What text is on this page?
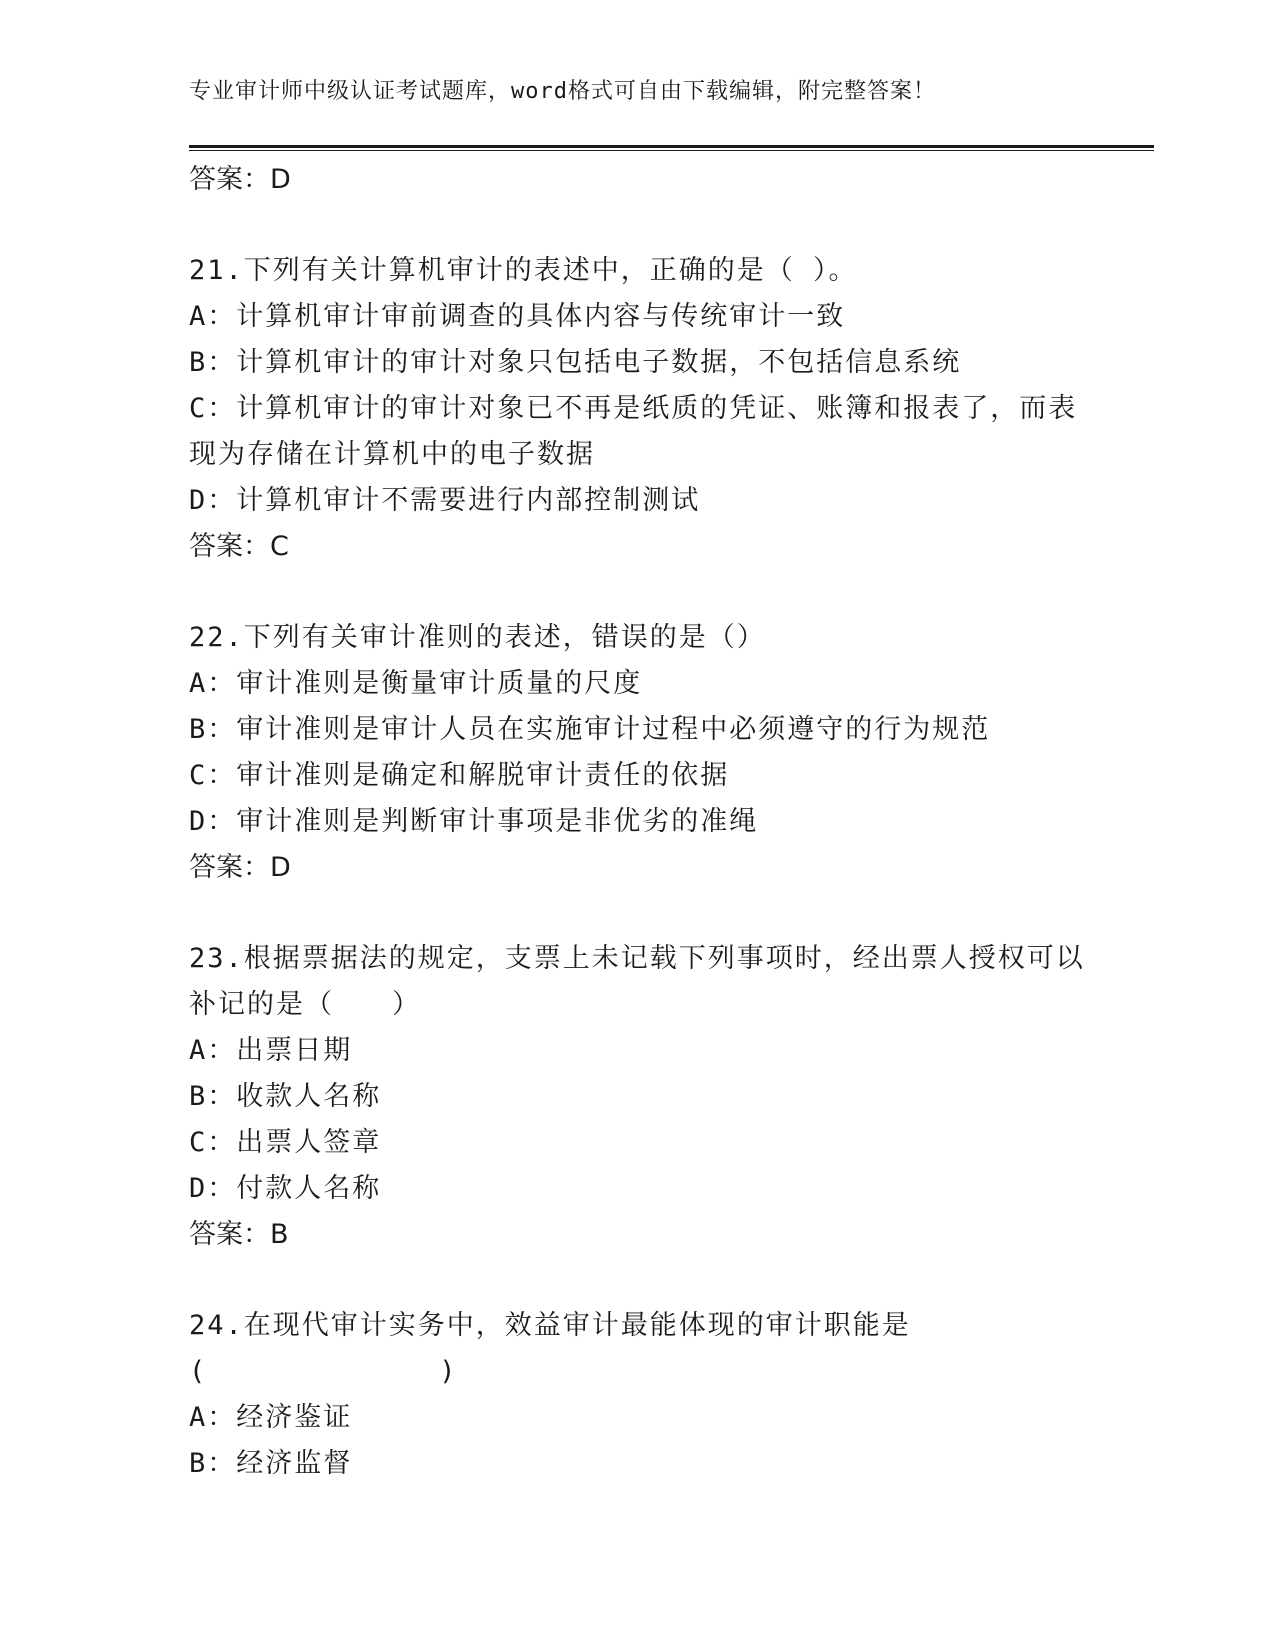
专业审计师中级认证考试题库，word格式可自由下载编辑，附完整答案！
答案：D
21.下列有关计算机审计的表述中，正确的是（ ）。
A：计算机审计审前调查的具体内容与传统审计一致
B：计算机审计的审计对象只包括电子数据，不包括信息系统
C：计算机审计的审计对象已不再是纸质的凭证、账簿和报表了，而表
现为存储在计算机中的电子数据
D：计算机审计不需要进行内部控制测试
答案：C
22.下列有关审计准则的表述，错误的是（）
A：审计准则是衡量审计质量的尺度
B：审计准则是审计人员在实施审计过程中必须遵守的行为规范
C：审计准则是确定和解脱审计责任的依据
D：审计准则是判断审计事项是非优劣的准绳
答案：D
23.根据票据法的规定，支票上未记载下列事项时，经出票人授权可以
补记的是（　　）
A：出票日期
B：收款人名称
C：出票人签章
D：付款人名称
答案：B
24.在现代审计实务中，效益审计最能体现的审计职能是
(　　　　　　　　)
A：经济鉴证
B：经济监督
